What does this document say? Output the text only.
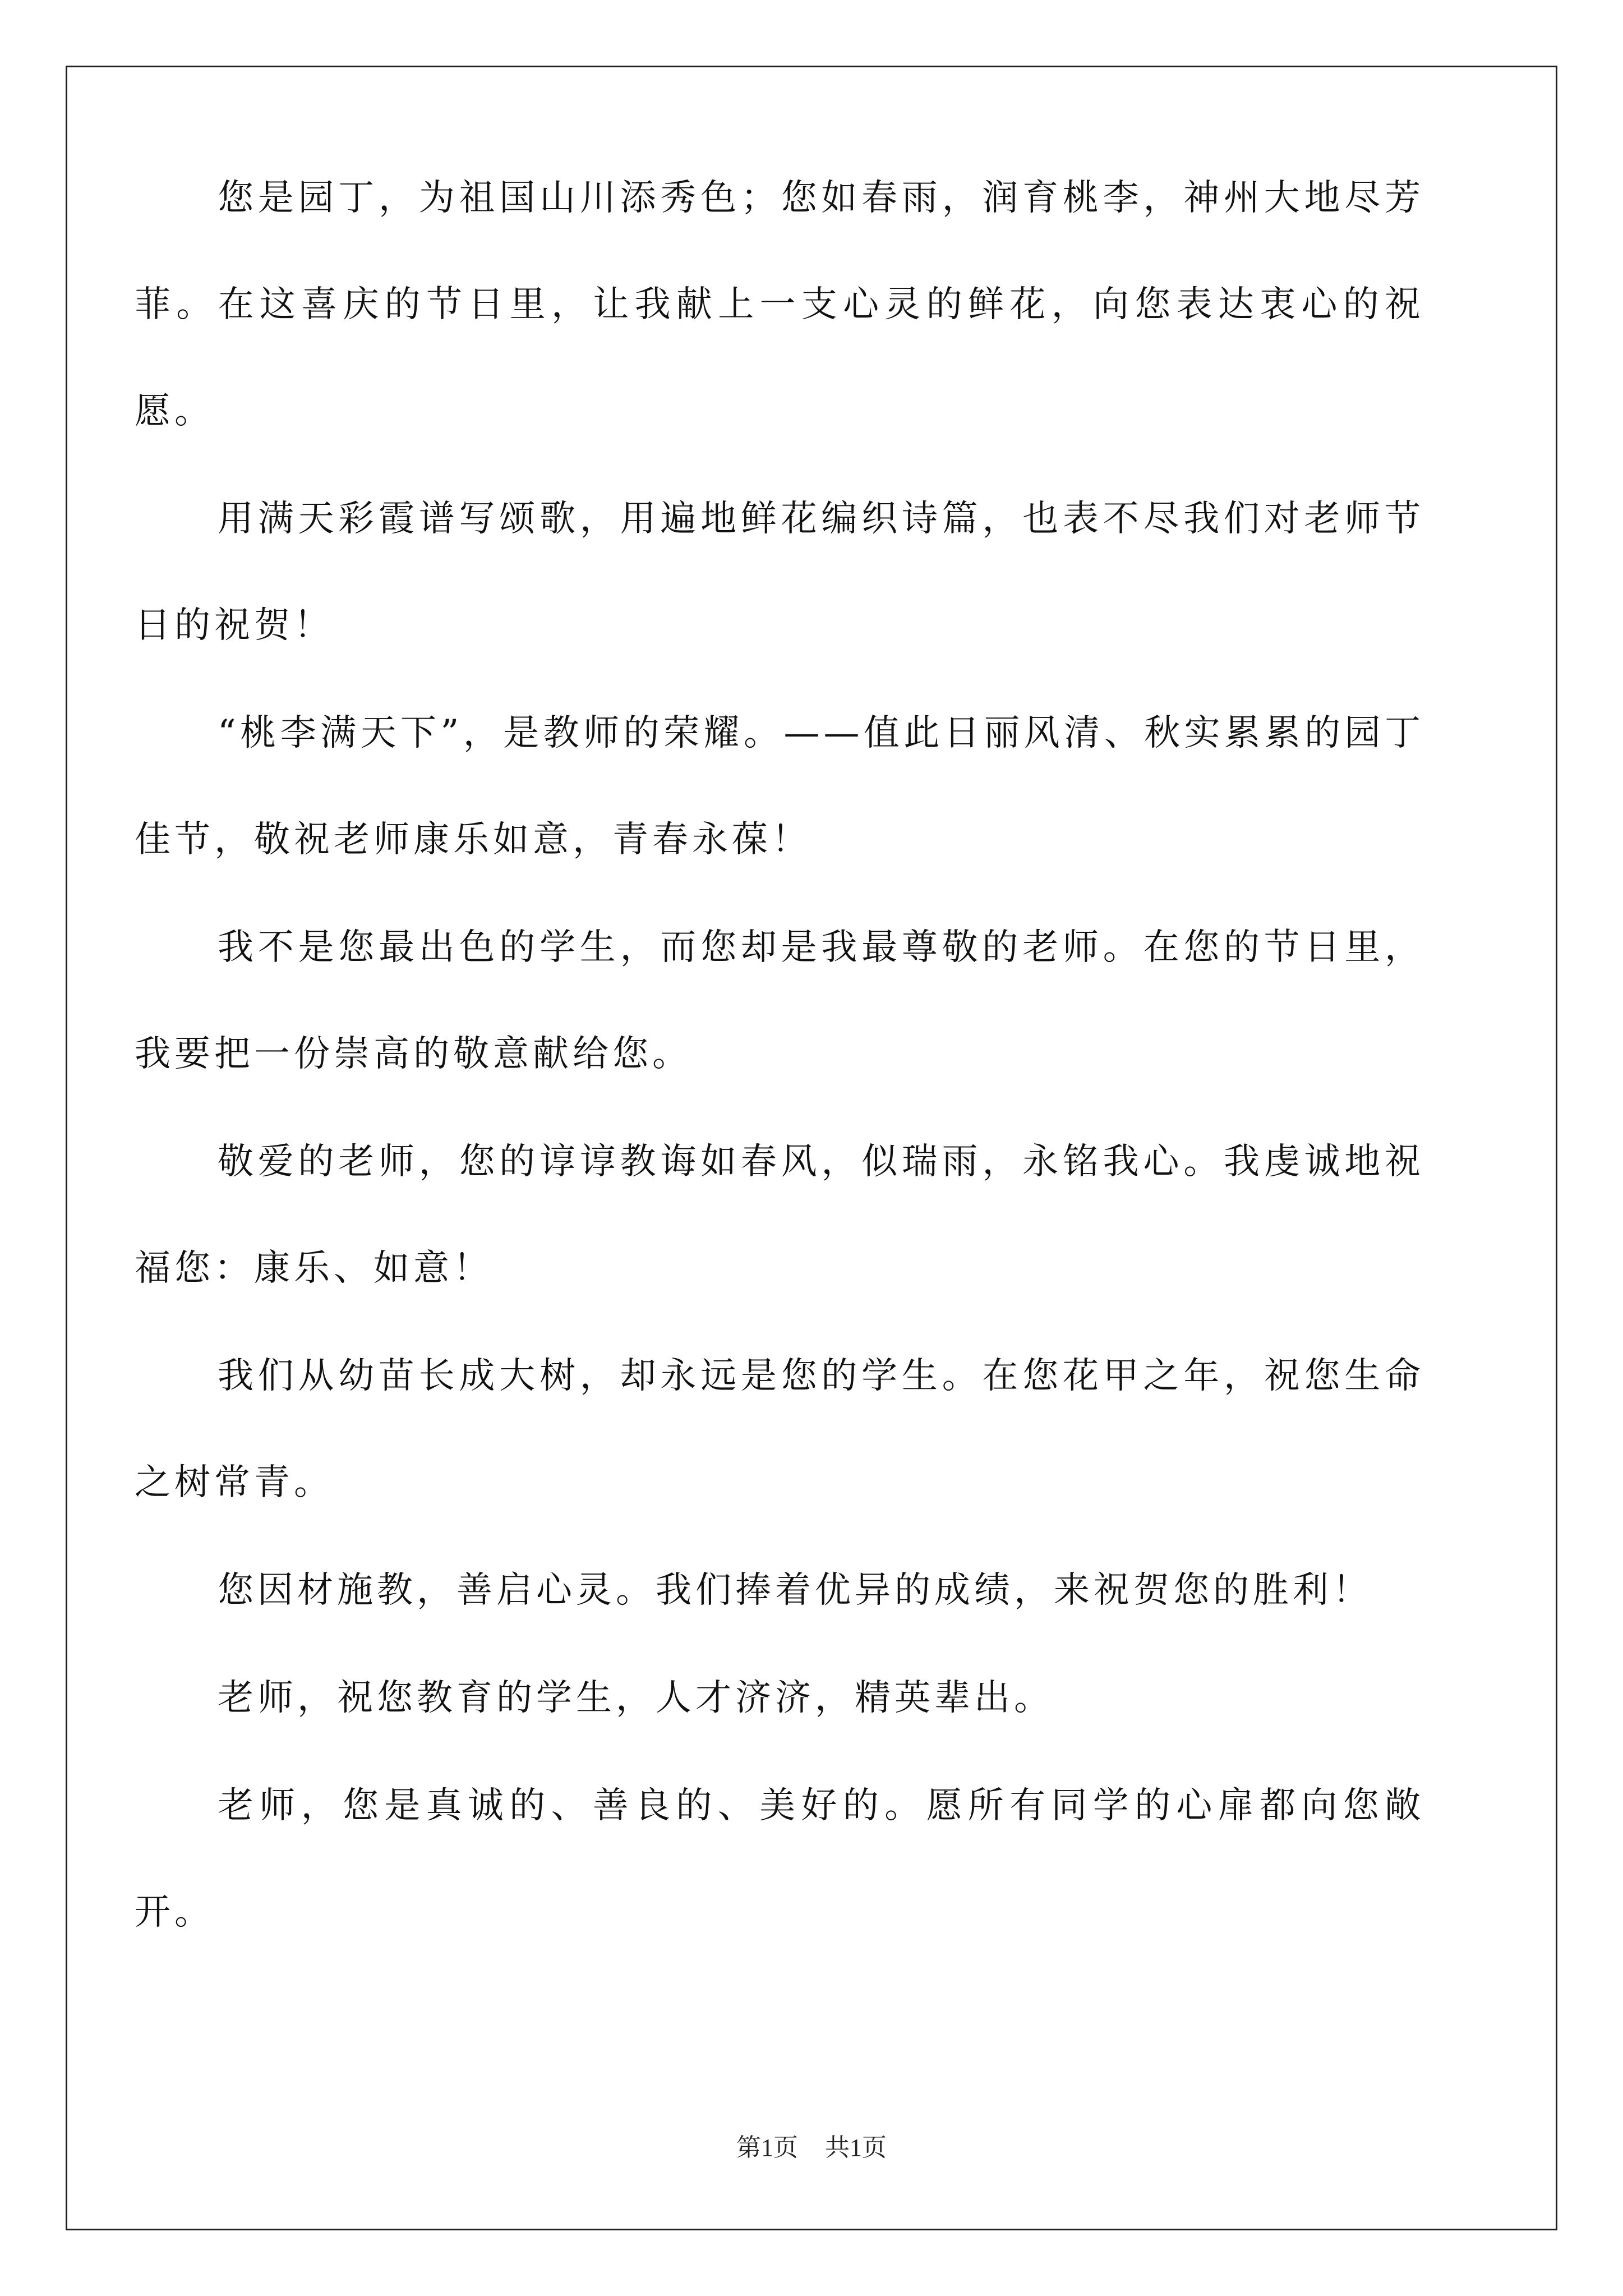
您是园丁，为祖国山川添秀色；您如春雨，润育桃李，神州大地尽芳菲。在这喜庆的节日里，让我献上一支心灵的鲜花，向您表达衷心的祝愿。

用满天彩霞谱写颂歌，用遍地鲜花编织诗篇，也表不尽我们对老师节日的祝贺！

“桃李满天下”，是教师的荣耀。——值此日丽风清、秋实累累的园丁佳节，敬祝老师康乐如意，青春永葆！

我不是您最出色的学生，而您却是我最尊敬的老师。在您的节日里，我要把一份崇高的敬意献给您。

敬爱的老师，您的谆谆教诲如春风，似瑞雨，永铭我心。我虔诚地祝福您：康乐、如意！

我们从幼苗长成大树，却永远是您的学生。在您花甲之年，祝您生命之树常青。

您因材施教，善启心灵。我们捧着优异的成绩，来祝贺您的胜利！

老师，祝您教育的学生，人才济济，精英辈出。

老师，您是真诚的、善良的、美好的。愿所有同学的心扉都向您敞开。

第1页 共1页
